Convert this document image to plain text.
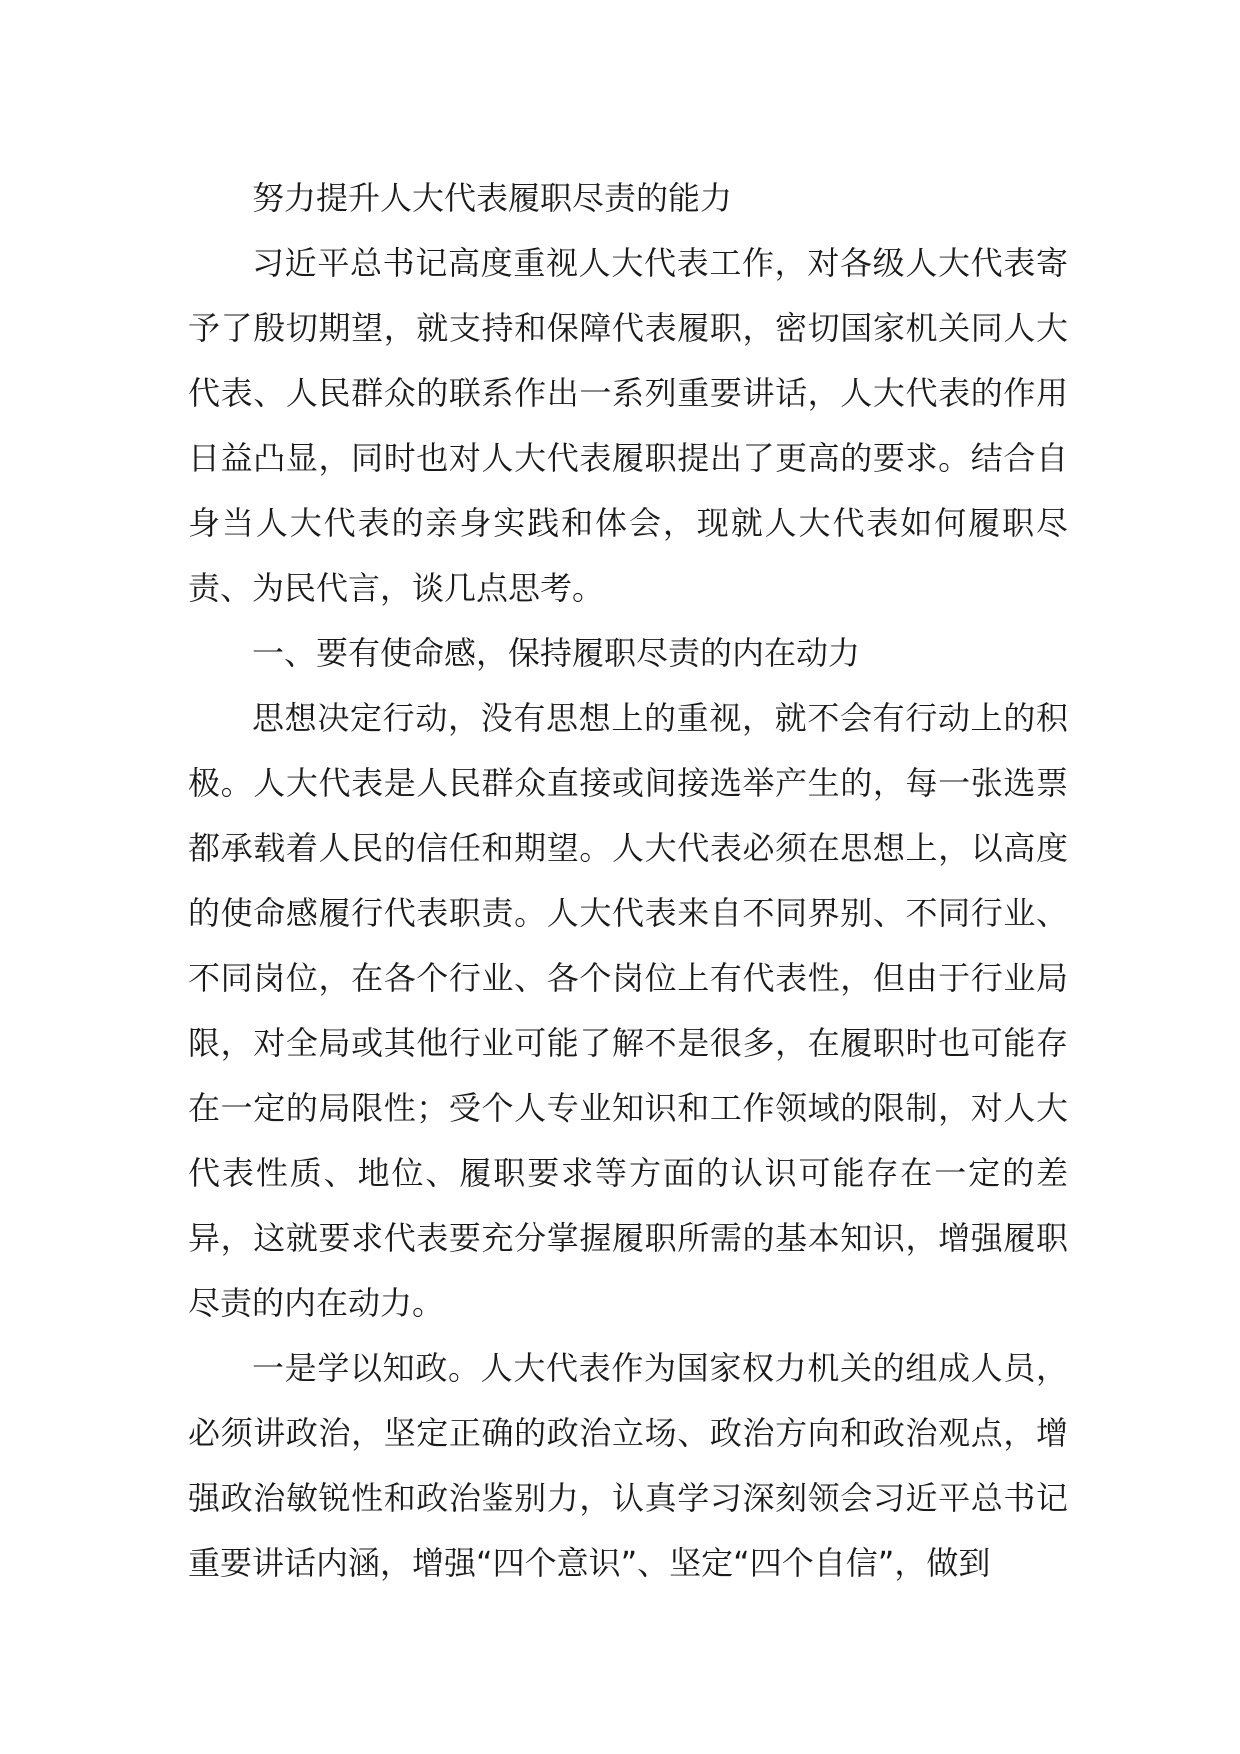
努力提升人大代表履职尽责的能力

习近平总书记高度重视人大代表工作，对各级人大代表寄予了殷切期望，就支持和保障代表履职，密切国家机关同人大代表、人民群众的联系作出一系列重要讲话，人大代表的作用日益凸显，同时也对人大代表履职提出了更高的要求。结合自身当人大代表的亲身实践和体会，现就人大代表如何履职尽责、为民代言，谈几点思考。

一、要有使命感，保持履职尽责的内在动力

思想决定行动，没有思想上的重视，就不会有行动上的积极。人大代表是人民群众直接或间接选举产生的，每一张选票都承载着人民的信任和期望。人大代表必须在思想上，以高度的使命感履行代表职责。人大代表来自不同界别、不同行业、不同岗位，在各个行业、各个岗位上有代表性，但由于行业局限，对全局或其他行业可能了解不是很多，在履职时也可能存在一定的局限性；受个人专业知识和工作领域的限制，对人大代表性质、地位、履职要求等方面的认识可能存在一定的差异，这就要求代表要充分掌握履职所需的基本知识，增强履职尽责的内在动力。

一是学以知政。人大代表作为国家权力机关的组成人员，必须讲政治，坚定正确的政治立场、政治方向和政治观点，增强政治敏锐性和政治鉴别力，认真学习深刻领会习近平总书记重要讲话内涵，增强“四个意识”、坚定“四个自信”，做到
